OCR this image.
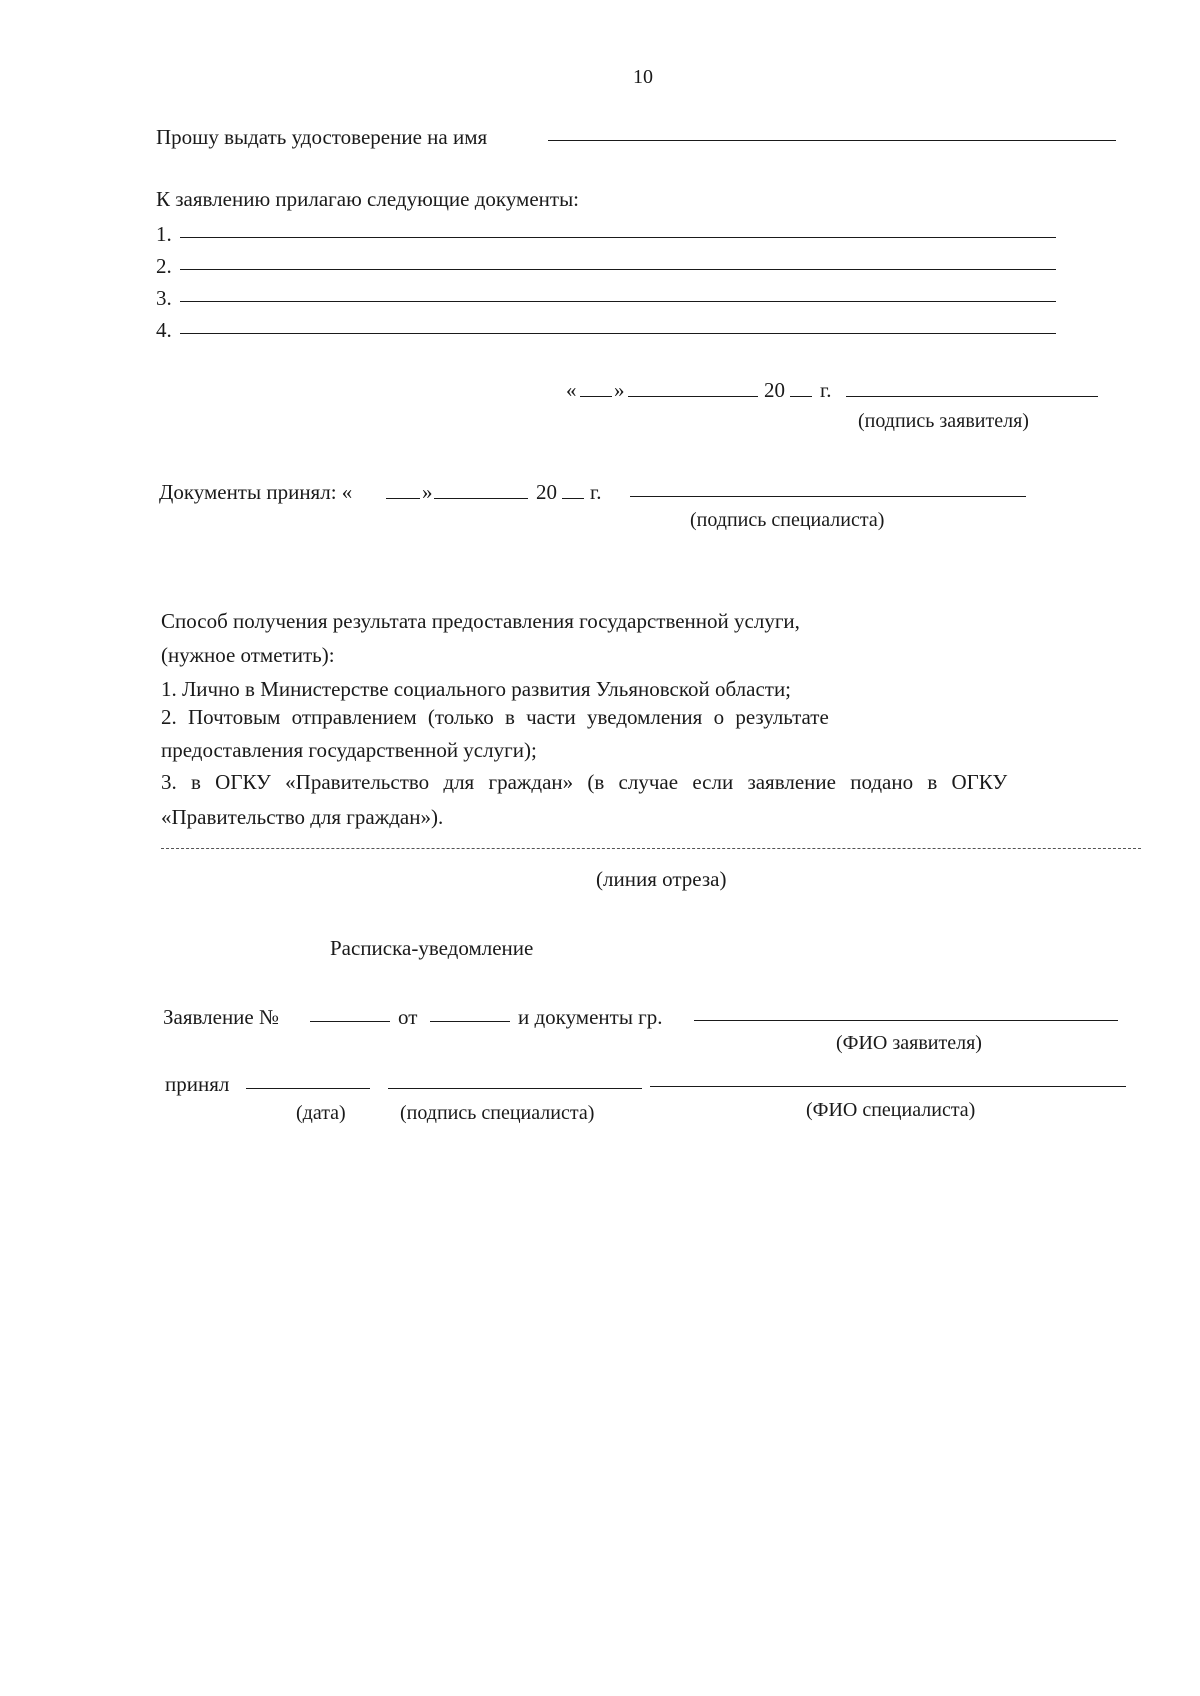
10
Прошу выдать удостоверение на имя
К заявлению прилагаю следующие документы:
1.
2.
3.
4.
« »	20 г.
(подпись заявителя)
Документы принял: «	»	20 г.
(подпись специалиста)
Способ получения результата предоставления государственной услуги,
(нужное отметить):
1. Лично в Министерстве социального развития Ульяновской области;
2. Почтовым отправлением (только в части уведомления о результате
предоставления государственной услуги);
3. в ОГКУ «Правительство для граждан» (в случае если заявление подано в ОГКУ
«Правительство для граждан»).
(линия отреза)
Расписка-уведомление
Заявление №	от	и документы гр.
(ФИО заявителя)
принял
(дата)	(подпись специалиста)	(ФИО специалиста)
